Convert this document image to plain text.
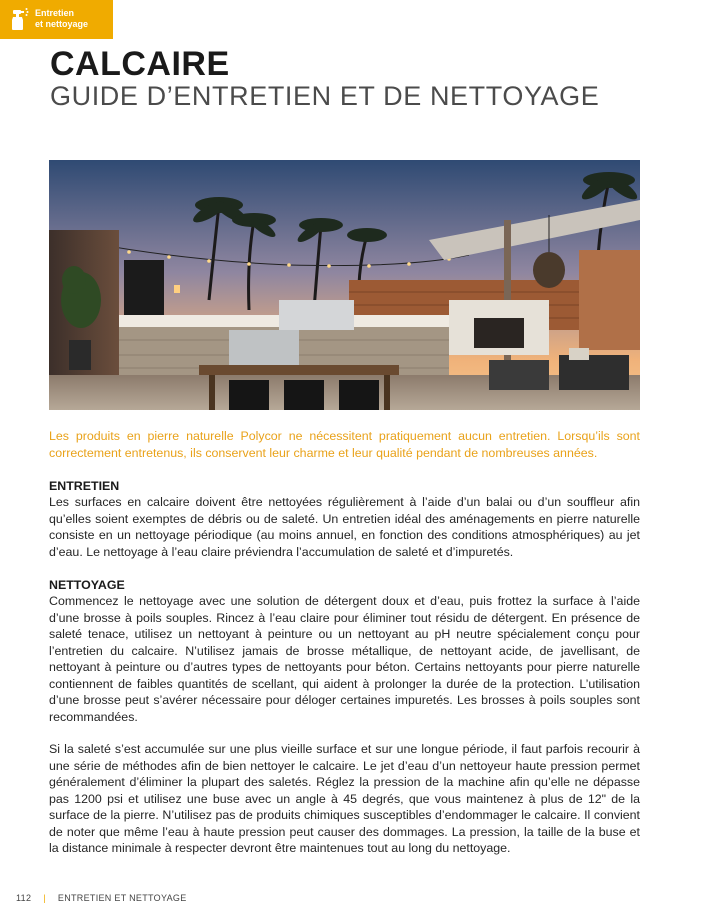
Entretien
et nettoyage
CALCAIRE
GUIDE D’ENTRETIEN ET DE NETTOYAGE

Les produits en pierre naturelle Polycor ne nécessitent pratiquement aucun entretien. Lorsqu’ils sont correctement entretenus, ils conservent leur charme et leur qualité pendant de nombreuses années.

ENTRETIEN

Les surfaces en calcaire doivent être nettoyées régulièrement à l’aide d’un balai ou d’un souffleur afin qu’elles soient exemptes de débris ou de saleté. Un entretien idéal des aménagements en pierre naturelle consiste en un nettoyage périodique (au moins annuel, en fonction des conditions atmosphériques) au jet d’eau. Le nettoyage à l’eau claire préviendra l’accumulation de saleté et d’impuretés.

NETTOYAGE

Commencez le nettoyage avec une solution de détergent doux et d’eau, puis frottez la surface à l’aide d’une brosse à poils souples. Rincez à l’eau claire pour éliminer tout résidu de détergent. En présence de saleté tenace, utilisez un nettoyant à peinture ou un nettoyant au pH neutre spécialement conçu pour l’entretien du calcaire. N’utilisez jamais de brosse métallique, de nettoyant acide, de javellisant, de nettoyant à peinture ou d’autres types de nettoyants pour béton. Certains nettoyants pour pierre naturelle contiennent de faibles quantités de scellant, qui aident à prolonger la durée de la protection. L’utilisation d’une brosse peut s’avérer nécessaire pour déloger certaines impuretés. Les brosses à poils souples sont recommandées.

Si la saleté s’est accumulée sur une plus vieille surface et sur une longue période, il faut parfois recourir à une série de méthodes afin de bien nettoyer le calcaire. Le jet d’eau d’un nettoyeur haute pression permet généralement d’éliminer la plupart des saletés. Réglez la pression de la machine afin qu’elle ne dépasse pas 1200 psi et utilisez une buse avec un angle à 45 degrés, que vous maintenez à plus de 12" de la surface de la pierre. N’utilisez pas de produits chimiques susceptibles d’endommager le calcaire. Il convient de noter que même l’eau à haute pression peut causer des dommages. La pression, la taille de la buse et la distance minimale à respecter devront être maintenues tout au long du nettoyage.

112 | ENTRETIEN ET NETTOYAGE
